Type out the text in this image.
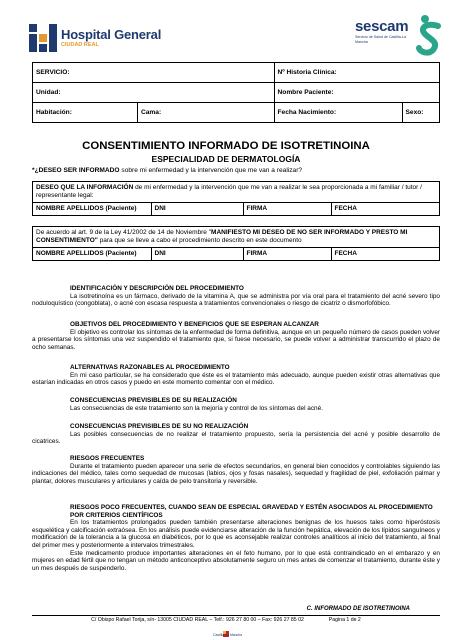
Hospital General
CIUDAD REAL
sescam
Servicio de Salud de Castilla-La Mancha
SERVICIO:		Nº Historia Clínica:	
Unidad:		Nombre Paciente:	
Habitación:	Cama:	Fecha Nacimiento:	Sexo:
CONSENTIMIENTO INFORMADO DE ISOTRETINOINA
ESPECIALIDAD DE DERMATOLOGÍA
*¿DESEO SER INFORMADO sobre mi enfermedad y la intervención que me van a realizar?
DESEO QUE LA INFORMACIÓN de mi enfermedad y la intervención que me van a realizar le sea proporcionada a mi familiar / tutor / representante legal:
NOMBRE APELLIDOS (Paciente)	DNI	FIRMA	FECHA
De acuerdo al art. 9 de la Ley 41/2002 de 14 de Noviembre "MANIFIESTO MI DESEO DE NO SER INFORMADO Y PRESTO MI CONSENTIMIENTO" para que se lleve a cabo el procedimiento descrito en este documento
NOMBRE APELLIDOS (Paciente)	DNI	FIRMA	FECHA
IDENTIFICACIÓN Y DESCRIPCIÓN DEL PROCEDIMIENTO

La isotretinoína es un fármaco, derivado de la vitamina A, que se administra por vía oral para el tratamiento del acné severo tipo noduloquístico (congoblata), o acné con escasa respuesta a tratamientos convencionales o riesgo de cicatriz o dismorfofóbico.

OBJETIVOS DEL PROCEDIMIENTO Y BENEFICIOS QUE SE ESPERAN ALCANZAR

El objetivo es controlar los síntomas de la enfermedad de forma definitiva, aunque en un pequeño número de casos pueden volver a presentarse los síntomas una vez suspendido el tratamiento que, si fuese necesario, se puede volver a administrar transcurrido el plazo de ocho semanas.

ALTERNATIVAS RAZONABLES AL PROCEDIMIENTO

En mi caso particular, se ha considerado que éste es el tratamiento más adecuado, aunque pueden existir otras alternativas que estarían indicadas en otros casos y puedo en este momento comentar con el médico.

CONSECUENCIAS PREVISIBLES DE SU REALIZACIÓN

Las consecuencias de este tratamiento son la mejoría y control de los síntomas del acné.

CONSECUENCIAS PREVISIBLES DE SU NO REALIZACIÓN

Las posibles consecuencias de no realizar el tratamiento propuesto, sería la persistencia del acné y posible desarrollo de cicatrices.

RIESGOS FRECUENTES

Durante el tratamiento pueden aparecer una serie de efectos secundarios, en general bien conocidos y controlables siguiendo las indicaciones del médico, tales como sequedad de mucosas (labios, ojos y fosas nasales), sequedad y fragilidad de piel, exfoliación palmar y plantar, dolores musculares y articulares y caída de pelo transitoria y reversible.

RIESGOS POCO FRECUENTES, CUANDO SEAN DE ESPECIAL GRAVEDAD Y ESTÉN ASOCIADOS AL PROCEDIMIENTO POR CRITERIOS CIENTÍFICOS

En los tratamientos prolongados pueden también presentarse alteraciones benignas de los huesos tales como hiperóstosis esquelética y calcificación extraósea. En los análisis puede evidenciarse alteración de la función hepática, elevación de los lípidos sanguíneos y modificación de la tolerancia a la glucosa en diabéticos, por lo que es aconsejable realizar controles analíticos al inicio del tratamiento, al final del primer mes y posteriormente a intervalos trimestrales.

Este medicamento produce importantes alteraciones en el feto humano, por lo que está contraindicado en el embarazo y en mujeres en edad fértil que no tengan un método anticonceptivo absolutamente seguro un mes antes de comenzar el tratamiento, durante éste y un mes después de suspenderlo.

C. INFORMADO DE ISOTRETINOINA
C/ Obispo Rafael Torija, s/n- 13005 CIUDAD REAL – Telf.: 926 27 80 00 – Fax: 926 27 85 02	Pagina 1 de 2
Castilla-La Mancha
